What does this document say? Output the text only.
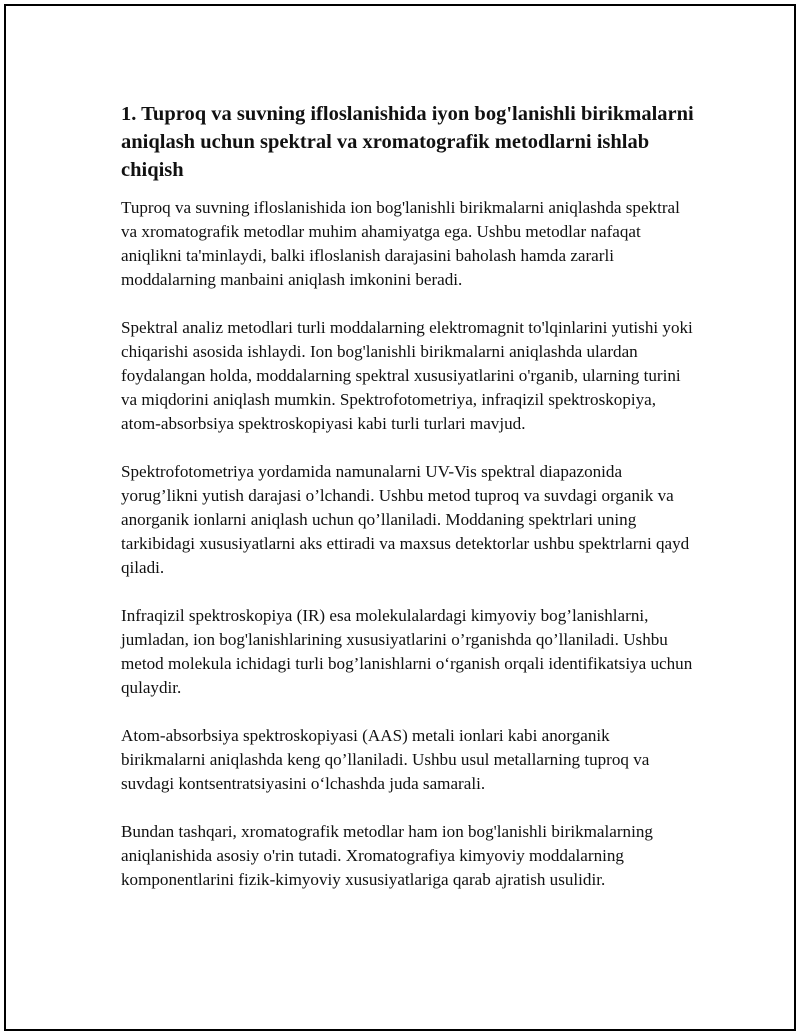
1. Tuproq va suvning ifloslanishida iyon bog'lanishli birikmalarni aniqlash uchun spektral va xromatografik metodlarni ishlab chiqish

Tuproq va suvning ifloslanishida ion bog'lanishli birikmalarni aniqlashda spektral va xromatografik metodlar muhim ahamiyatga ega. Ushbu metodlar nafaqat aniqlikni ta'minlaydi, balki ifloslanish darajasini baholash hamda zararli moddalarning manbaini aniqlash imkonini beradi.

Spektral analiz metodlari turli moddalarning elektromagnit to'lqinlarini yutishi yoki chiqarishi asosida ishlaydi. Ion bog'lanishli birikmalarni aniqlashda ulardan foydalangan holda, moddalarning spektral xususiyatlarini o'rganib, ularning turini va miqdorini aniqlash mumkin. Spektrofotometriya, infraqizil spektroskopiya, atom-absorbsiya spektroskopiyasi kabi turli turlari mavjud.

Spektrofotometriya yordamida namunalarni UV-Vis spektral diapazonida yorug’likni yutish darajasi o’lchandi. Ushbu metod tuproq va suvdagi organik va anorganik ionlarni aniqlash uchun qo’llaniladi. Moddaning spektrlari uning tarkibidagi xususiyatlarni aks ettiradi va maxsus detektorlar ushbu spektrlarni qayd qiladi.

Infraqizil spektroskopiya (IR) esa molekulalardagi kimyoviy bog’lanishlarni, jumladan, ion bog'lanishlarining xususiyatlarini o’rganishda qo’llaniladi. Ushbu metod molekula ichidagi turli bog’lanishlarni o‘rganish orqali identifikatsiya uchun qulaydir.

Atom-absorbsiya spektroskopiyasi (AAS) metali ionlari kabi anorganik birikmalarni aniqlashda keng qo’llaniladi. Ushbu usul metallarning tuproq va suvdagi kontsentratsiyasini o‘lchashda juda samarali.

Bundan tashqari, xromatografik metodlar ham ion bog'lanishli birikmalarning aniqlanishida asosiy o'rin tutadi. Xromatografiya kimyoviy moddalarning komponentlarini fizik-kimyoviy xususiyatlariga qarab ajratish usulidir.
